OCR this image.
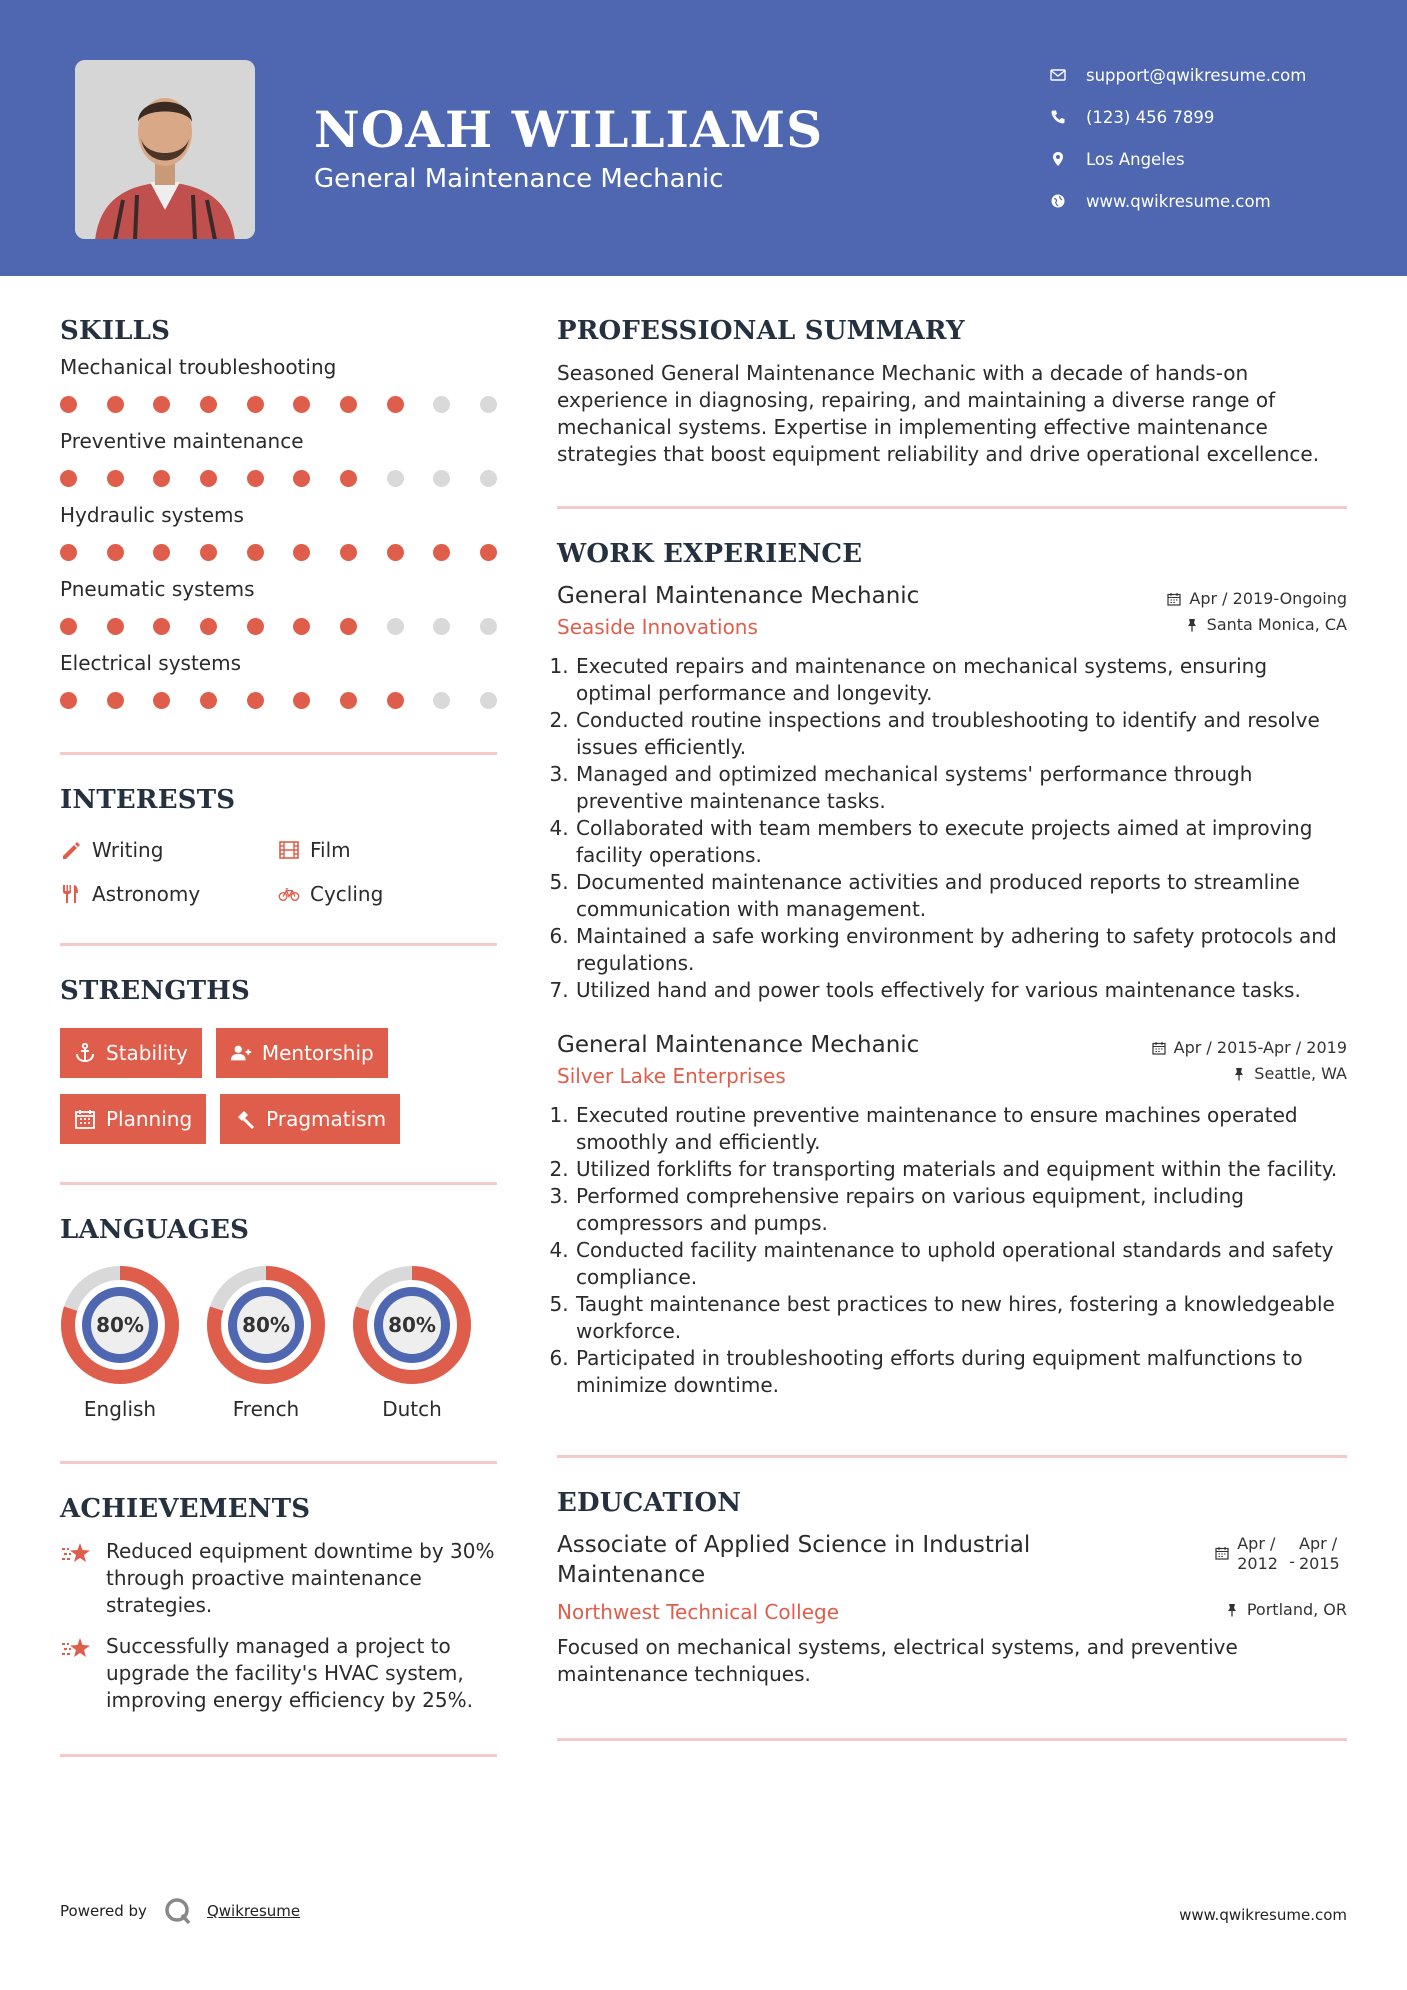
NOAH WILLIAMS
General Maintenance Mechanic
support@qwikresume.com
(123) 456 7899
Los Angeles
www.qwikresume.com
SKILLS
Mechanical troubleshooting
Preventive maintenance
Hydraulic systems
Pneumatic systems
Electrical systems
INTERESTS
Writing	Film
Astronomy	Cycling
STRENGTHS
Stability	Mentorship
Planning	Pragmatism
LANGUAGES
80%
English
80%
French
80%
Dutch
ACHIEVEMENTS
Reduced equipment downtime by 30% through proactive maintenance strategies.
Successfully managed a project to upgrade the facility's HVAC system, improving energy efficiency by 25%.
PROFESSIONAL SUMMARY
Seasoned General Maintenance Mechanic with a decade of hands-on experience in diagnosing, repairing, and maintaining a diverse range of mechanical systems. Expertise in implementing effective maintenance strategies that boost equipment reliability and drive operational excellence.
WORK EXPERIENCE
General Maintenance Mechanic	Apr / 2019-Ongoing
Seaside Innovations	Santa Monica, CA
1. Executed repairs and maintenance on mechanical systems, ensuring optimal performance and longevity.
2. Conducted routine inspections and troubleshooting to identify and resolve issues efficiently.
3. Managed and optimized mechanical systems' performance through preventive maintenance tasks.
4. Collaborated with team members to execute projects aimed at improving facility operations.
5. Documented maintenance activities and produced reports to streamline communication with management.
6. Maintained a safe working environment by adhering to safety protocols and regulations.
7. Utilized hand and power tools effectively for various maintenance tasks.
General Maintenance Mechanic	Apr / 2015-Apr / 2019
Silver Lake Enterprises	Seattle, WA
1. Executed routine preventive maintenance to ensure machines operated smoothly and efficiently.
2. Utilized forklifts for transporting materials and equipment within the facility.
3. Performed comprehensive repairs on various equipment, including compressors and pumps.
4. Conducted facility maintenance to uphold operational standards and safety compliance.
5. Taught maintenance best practices to new hires, fostering a knowledgeable workforce.
6. Participated in troubleshooting efforts during equipment malfunctions to minimize downtime.
EDUCATION
Associate of Applied Science in Industrial Maintenance
Apr / 2012 -
Apr / 2015
Northwest Technical College	Portland, OR
Focused on mechanical systems, electrical systems, and preventive maintenance techniques.
Powered by	Qwikresume	www.qwikresume.com
